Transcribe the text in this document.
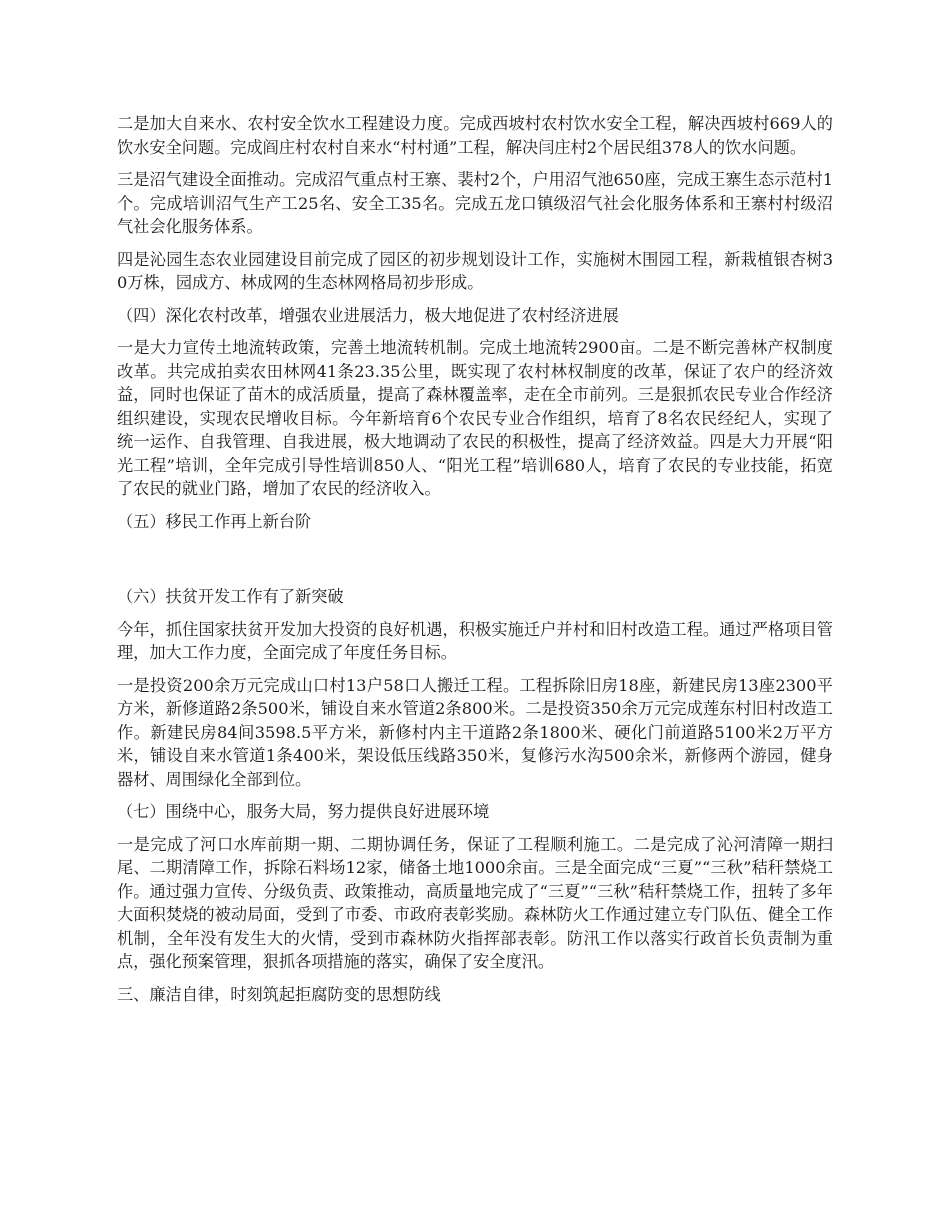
二是加大自来水、农村安全饮水工程建设力度。完成西坡村农村饮水安全工程，解决西坡村669人的饮水安全问题。完成阎庄村农村自来水“村村通”工程，解决闫庄村2个居民组378人的饮水问题。

三是沼气建设全面推动。完成沼气重点村王寨、裴村2个，户用沼气池650座，完成王寨生态示范村1个。完成培训沼气生产工25名、安全工35名。完成五龙口镇级沼气社会化服务体系和王寨村村级沼气社会化服务体系。

四是沁园生态农业园建设目前完成了园区的初步规划设计工作，实施树木围园工程，新栽植银杏树30万株，园成方、林成网的生态林网格局初步形成。

（四）深化农村改革，增强农业进展活力，极大地促进了农村经济进展

一是大力宣传土地流转政策，完善土地流转机制。完成土地流转2900亩。二是不断完善林产权制度改革。共完成拍卖农田林网41条23.35公里，既实现了农村林权制度的改革，保证了农户的经济效益，同时也保证了苗木的成活质量，提高了森林覆盖率，走在全市前列。三是狠抓农民专业合作经济组织建设，实现农民增收目标。今年新培育6个农民专业合作组织，培育了8名农民经纪人，实现了统一运作、自我管理、自我进展，极大地调动了农民的积极性，提高了经济效益。四是大力开展“阳光工程”培训，全年完成引导性培训850人、“阳光工程”培训680人，培育了农民的专业技能，拓宽了农民的就业门路，增加了农民的经济收入。

（五）移民工作再上新台阶

（六）扶贫开发工作有了新突破

今年，抓住国家扶贫开发加大投资的良好机遇，积极实施迁户并村和旧村改造工程。通过严格项目管理，加大工作力度，全面完成了年度任务目标。

一是投资200余万元完成山口村13户58口人搬迁工程。工程拆除旧房18座，新建民房13座2300平方米，新修道路2条500米，铺设自来水管道2条800米。二是投资350余万元完成莲东村旧村改造工作。新建民房84间3598.5平方米，新修村内主干道路2条1800米、硬化门前道路5100米2万平方米，铺设自来水管道1条400米，架设低压线路350米，复修污水沟500余米，新修两个游园，健身器材、周围绿化全部到位。

（七）围绕中心，服务大局，努力提供良好进展环境

一是完成了河口水库前期一期、二期协调任务，保证了工程顺利施工。二是完成了沁河清障一期扫尾、二期清障工作，拆除石料场12家，储备土地1000余亩。三是全面完成“三夏”“三秋”秸秆禁烧工作。通过强力宣传、分级负责、政策推动，高质量地完成了“三夏”“三秋”秸秆禁烧工作，扭转了多年大面积焚烧的被动局面，受到了市委、市政府表彰奖励。森林防火工作通过建立专门队伍、健全工作机制，全年没有发生大的火情，受到市森林防火指挥部表彰。防汛工作以落实行政首长负责制为重点，强化预案管理，狠抓各项措施的落实，确保了安全度汛。

三、廉洁自律，时刻筑起拒腐防变的思想防线
